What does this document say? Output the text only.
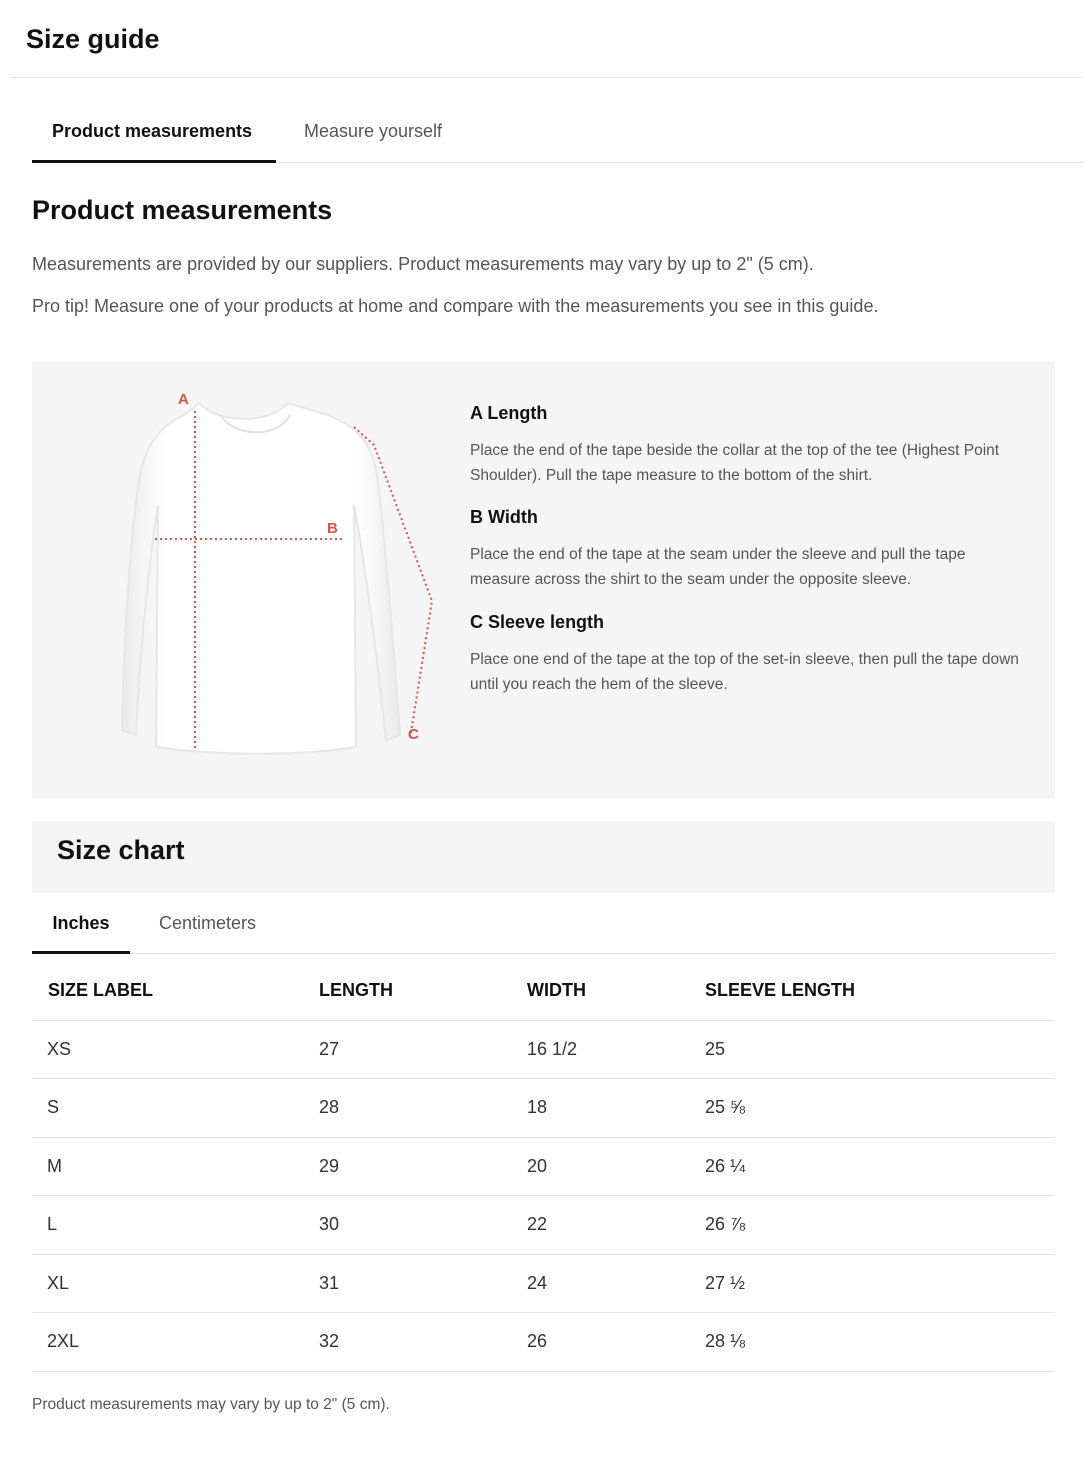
Size guide
Product measurements	Measure yourself
Product measurements
Measurements are provided by our suppliers. Product measurements may vary by up to 2" (5 cm).
Pro tip! Measure one of your products at home and compare with the measurements you see in this guide.
A
B
C
A Length
Place the end of the tape beside the collar at the top of the tee (Highest Point Shoulder). Pull the tape measure to the bottom of the shirt.
B Width
Place the end of the tape at the seam under the sleeve and pull the tape measure across the shirt to the seam under the opposite sleeve.
C Sleeve length
Place one end of the tape at the top of the set-in sleeve, then pull the tape down until you reach the hem of the sleeve.
Size chart
Inches	Centimeters
SIZE LABEL	LENGTH	WIDTH	SLEEVE LENGTH
XS	27	16 1/2	25
S	28	18	25 ⅝
M	29	20	26 ¼
L	30	22	26 ⅞
XL	31	24	27 ½
2XL	32	26	28 ⅛
Product measurements may vary by up to 2" (5 cm).
